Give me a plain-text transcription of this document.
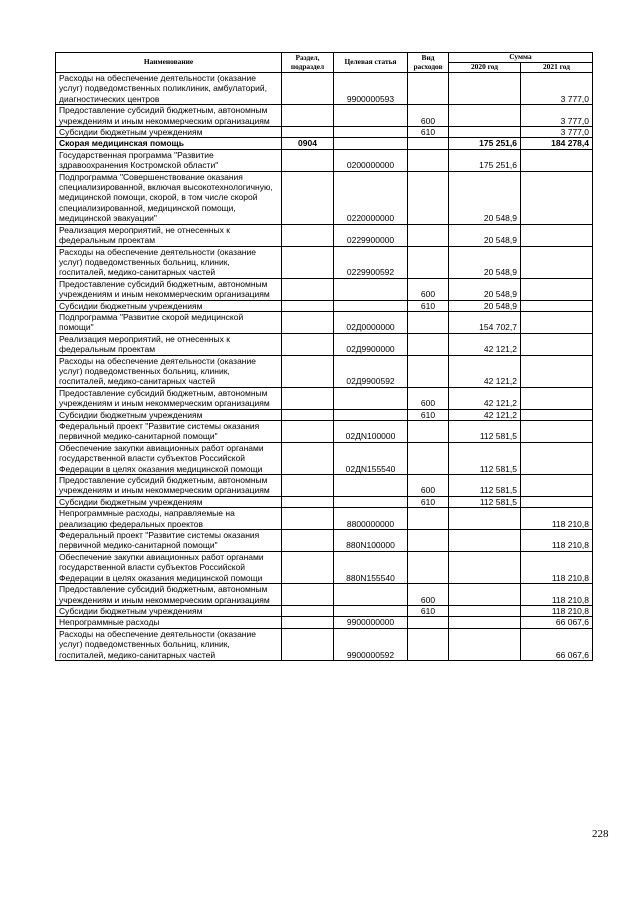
Наименование	Раздел, подраздел	Целевая статья	Вид расходов	Сумма	
				2020 год	2021 год
Расходы на обеспечение деятельности (оказание услуг) подведомственных поликлиник, амбулаторий, диагностических центров		9900000593			3 777,0
Предоставление субсидий бюджетным, автономным учреждениям и иным некоммерческим организациям			600		3 777,0
Субсидии бюджетным учреждениям			610		3 777,0
Скорая медицинская помощь	0904			175 251,6	184 278,4
Государственная программа "Развитие здравоохранения Костромской области"		0200000000		175 251,6	
Подпрограмма "Совершенствование оказания специализированной, включая высокотехнологичную, медицинской помощи, скорой, в том числе скорой специализированной, медицинской помощи, медицинской эвакуации"		0220000000		20 548,9	
Реализация мероприятий, не отнесенных к федеральным проектам		0229900000		20 548,9	
Расходы на обеспечение деятельности (оказание услуг) подведомственных больниц, клиник, госпиталей, медико-санитарных частей		0229900592		20 548,9	
Предоставление субсидий бюджетным, автономным учреждениям и иным некоммерческим организациям			600	20 548,9	
Субсидии бюджетным учреждениям			610	20 548,9	
Подпрограмма "Развитие скорой медицинской помощи"		02Д0000000		154 702,7	
Реализация мероприятий, не отнесенных к федеральным проектам		02Д9900000		42 121,2	
Расходы на обеспечение деятельности (оказание услуг) подведомственных больниц, клиник, госпиталей, медико-санитарных частей		02Д9900592		42 121,2	
Предоставление субсидий бюджетным, автономным учреждениям и иным некоммерческим организациям			600	42 121,2	
Субсидии бюджетным учреждениям			610	42 121,2	
Федеральный проект "Развитие системы оказания первичной медико-санитарной помощи"		02ДN100000		112 581,5	
Обеспечение закупки авиационных работ органами государственной власти субъектов Российской Федерации в целях оказания медицинской помощи		02ДN155540		112 581,5	
Предоставление субсидий бюджетным, автономным учреждениям и иным некоммерческим организациям			600	112 581,5	
Субсидии бюджетным учреждениям			610	112 581,5	
Непрограммные расходы, направляемые на реализацию федеральных проектов		8800000000			118 210,8
Федеральный проект "Развитие системы оказания первичной медико-санитарной помощи"		880N100000			118 210,8
Обеспечение закупки авиационных работ органами государственной власти субъектов Российской Федерации в целях оказания медицинской помощи		880N155540			118 210,8
Предоставление субсидий бюджетным, автономным учреждениям и иным некоммерческим организациям			600		118 210,8
Субсидии бюджетным учреждениям			610		118 210,8
Непрограммные расходы		9900000000			66 067,6
Расходы на обеспечение деятельности (оказание услуг) подведомственных больниц, клиник, госпиталей, медико-санитарных частей		9900000592			66 067,6
228
